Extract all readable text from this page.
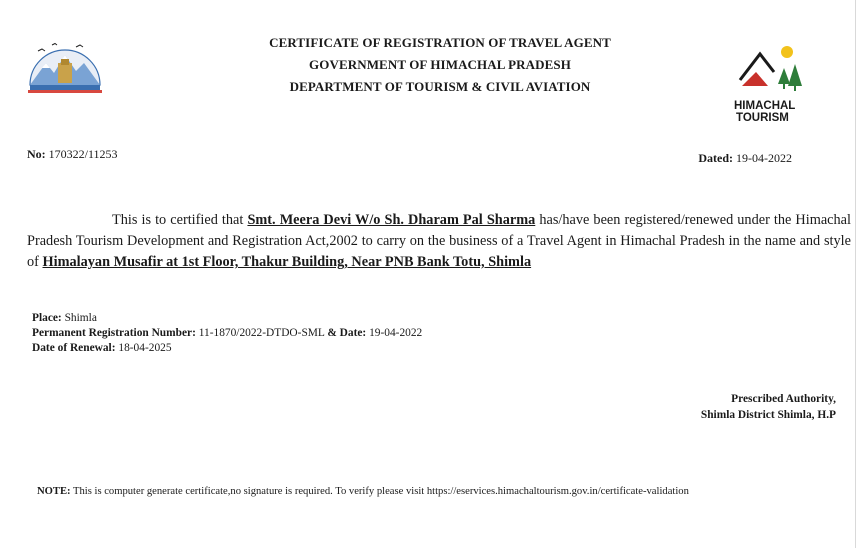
CERTIFICATE OF REGISTRATION OF TRAVEL AGENT
GOVERNMENT OF HIMACHAL PRADESH
DEPARTMENT OF TOURISM & CIVIL AVIATION
HIMACHAL
TOURISM
No: 170322/11253	Dated: 19-04-2022
This is to certified that Smt. Meera Devi W/o Sh. Dharam Pal Sharma has/have been registered/renewed under the Himachal Pradesh Tourism Development and Registration Act,2002 to carry on the business of a Travel Agent in Himachal Pradesh in the name and style of Himalayan Musafir at 1st Floor, Thakur Building, Near PNB Bank Totu, Shimla
Place: Shimla
Permanent Registration Number: 11-1870/2022-DTDO-SML & Date: 19-04-2022
Date of Renewal: 18-04-2025
Prescribed Authority,
Shimla District Shimla, H.P
NOTE: This is computer generate certificate,no signature is required. To verify please visit https://eservices.himachaltourism.gov.in/certificate-validation
